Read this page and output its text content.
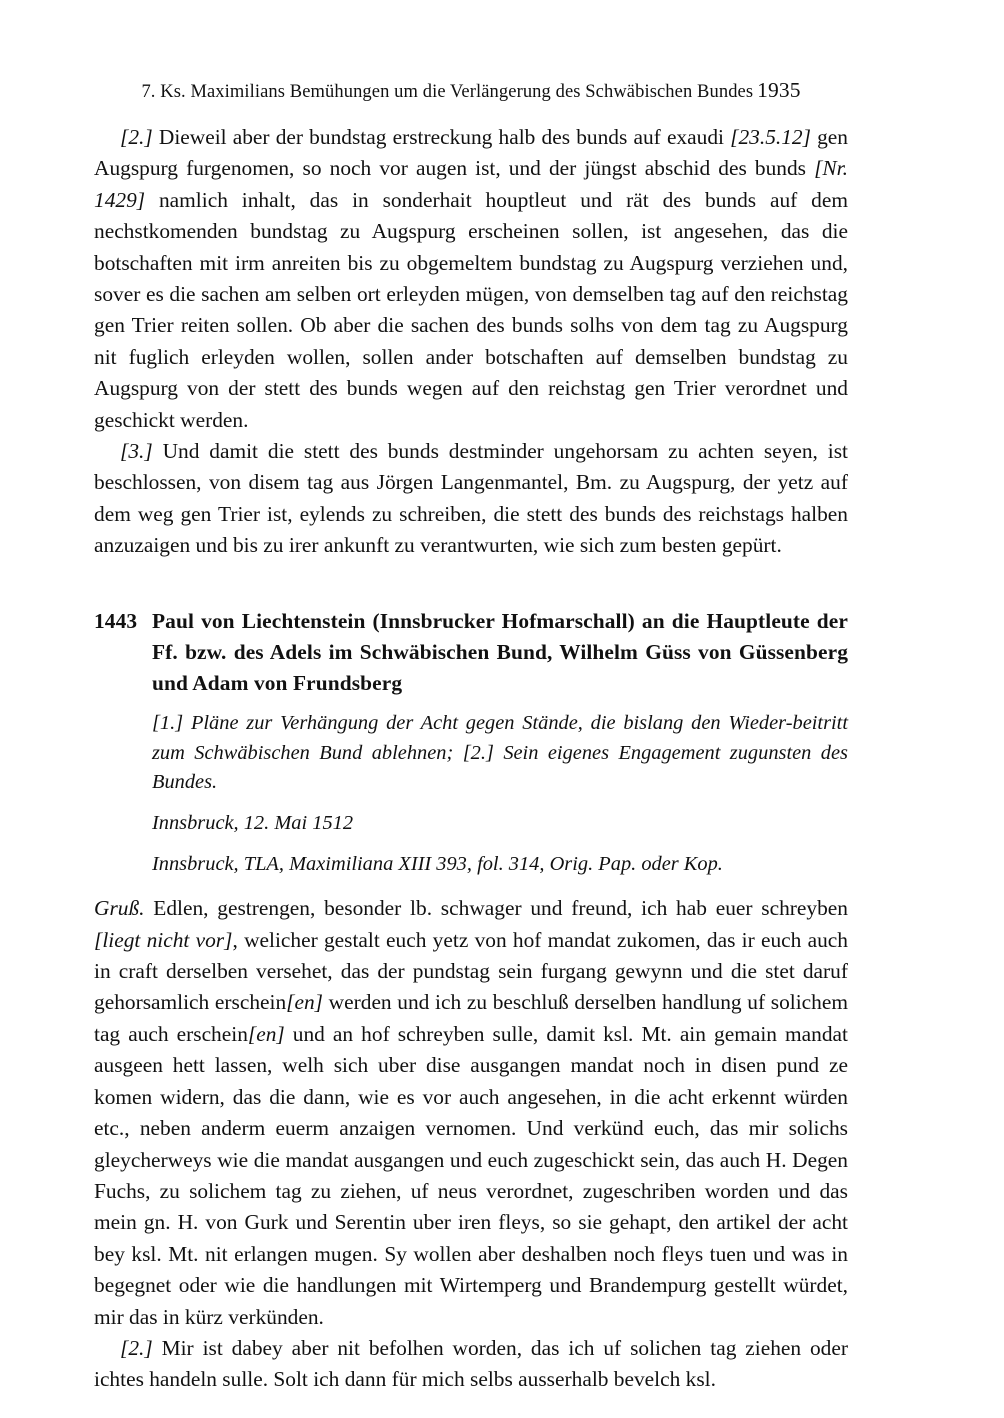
7. Ks. Maximilians Bemühungen um die Verlängerung des Schwäbischen Bundes 1935

[2.] Dieweil aber der bundstag erstreckung halb des bunds auf exaudi [23.5.12] gen Augspurg furgenomen, so noch vor augen ist, und der jüngst abschid des bunds [Nr. 1429] namlich inhalt, das in sonderhait houptleut und rät des bunds auf dem nechstkomenden bundstag zu Augspurg erscheinen sollen, ist angesehen, das die botschaften mit irm anreiten bis zu obgemeltem bundstag zu Augspurg verziehen und, sover es die sachen am selben ort erleyden mügen, von demselben tag auf den reichstag gen Trier reiten sollen. Ob aber die sachen des bunds solhs von dem tag zu Augspurg nit fuglich erleyden wollen, sollen ander botschaften auf demselben bundstag zu Augspurg von der stett des bunds wegen auf den reichstag gen Trier verordnet und geschickt werden.

[3.] Und damit die stett des bunds destminder ungehorsam zu achten seyen, ist beschlossen, von disem tag aus Jörgen Langenmantel, Bm. zu Augspurg, der yetz auf dem weg gen Trier ist, eylends zu schreiben, die stett des bunds des reichstags halben anzuzaigen und bis zu irer ankunft zu verantwurten, wie sich zum besten gepürt.

1443 Paul von Liechtenstein (Innsbrucker Hofmarschall) an die Hauptleute der Ff. bzw. des Adels im Schwäbischen Bund, Wilhelm Güss von Güssenberg und Adam von Frundsberg
[1.] Pläne zur Verhängung der Acht gegen Stände, die bislang den Wieder-beitritt zum Schwäbischen Bund ablehnen; [2.] Sein eigenes Engagement zugunsten des Bundes.
Innsbruck, 12. Mai 1512
Innsbruck, TLA, Maximiliana XIII 393, fol. 314, Orig. Pap. oder Kop.

Gruß. Edlen, gestrengen, besonder lb. schwager und freund, ich hab euer schreyben [liegt nicht vor], welicher gestalt euch yetz von hof mandat zukomen, das ir euch auch in craft derselben versehet, das der pundstag sein furgang gewynn und die stet daruf gehorsamlich erschein[en] werden und ich zu beschluß derselben handlung uf solichem tag auch erschein[en] und an hof schreyben sulle, damit ksl. Mt. ain gemain mandat ausgeen hett lassen, welh sich uber dise ausgangen mandat noch in disen pund ze komen widern, das die dann, wie es vor auch angesehen, in die acht erkennt würden etc., neben anderm euerm anzaigen vernomen. Und verkünd euch, das mir solichs gleycherweys wie die mandat ausgangen und euch zugeschickt sein, das auch H. Degen Fuchs, zu solichem tag zu ziehen, uf neus verordnet, zugeschriben worden und das mein gn. H. von Gurk und Serentin uber iren fleys, so sie gehapt, den artikel der acht bey ksl. Mt. nit erlangen mugen. Sy wollen aber deshalben noch fleys tuen und was in begegnet oder wie die handlungen mit Wirtemperg und Brandempurg gestellt würdet, mir das in kürz verkünden.

[2.] Mir ist dabey aber nit befolhen worden, das ich uf solichen tag ziehen oder ichtes handeln sulle. Solt ich dann für mich selbs ausserhalb bevelch ksl.
